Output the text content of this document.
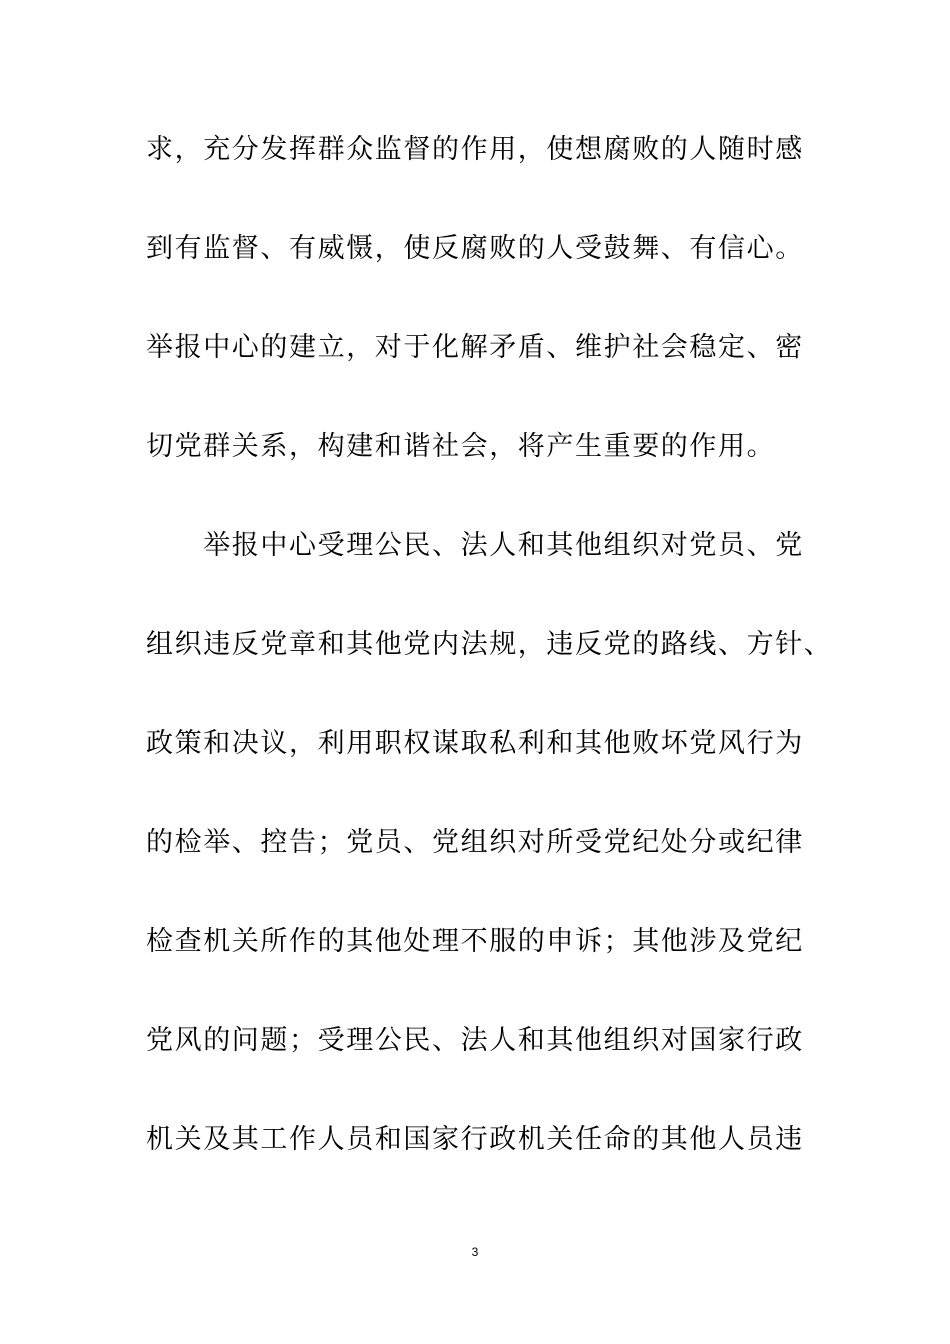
求，充分发挥群众监督的作用，使想腐败的人随时感
到有监督、有威慑，使反腐败的人受鼓舞、有信心。
举报中心的建立，对于化解矛盾、维护社会稳定、密
切党群关系，构建和谐社会，将产生重要的作用。
　　举报中心受理公民、法人和其他组织对党员、党
组织违反党章和其他党内法规，违反党的路线、方针、
政策和决议，利用职权谋取私利和其他败坏党风行为
的检举、控告；党员、党组织对所受党纪处分或纪律
检查机关所作的其他处理不服的申诉；其他涉及党纪
党风的问题；受理公民、法人和其他组织对国家行政
机关及其工作人员和国家行政机关任命的其他人员违
3
